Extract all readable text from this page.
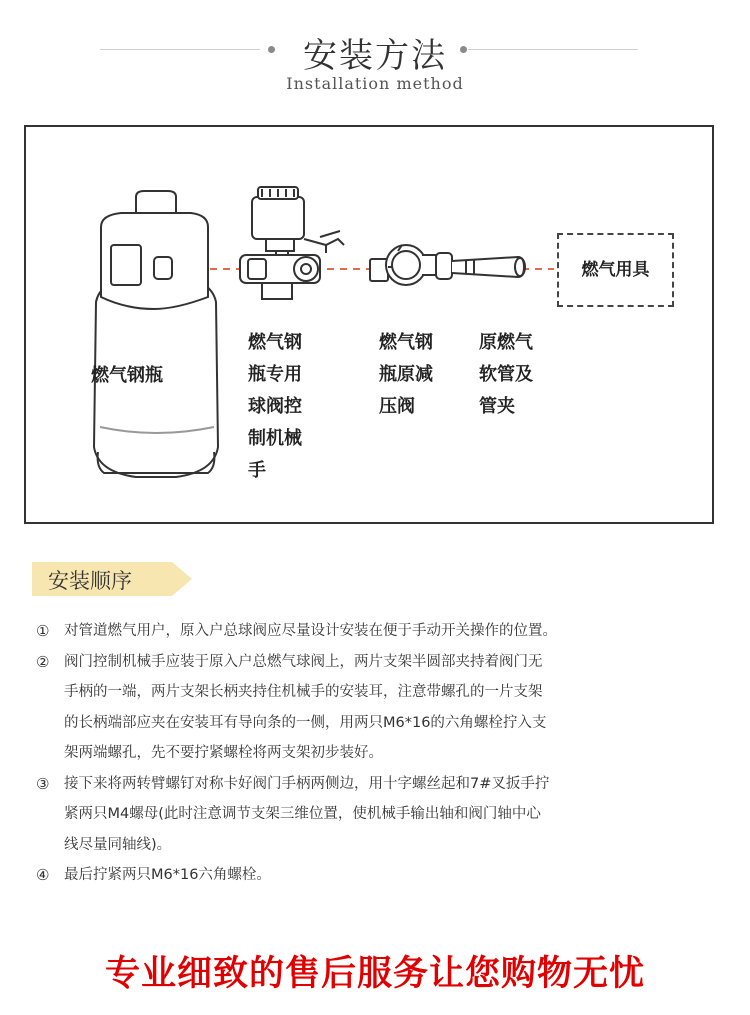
安装方法
Installation method
燃气钢瓶
燃气钢
瓶专用
球阀控
制机械
手
燃气钢
瓶原减
压阀
原燃气
软管及
管夹
燃气用具
安装顺序
① 对管道燃气用户，原入户总球阀应尽量设计安装在便于手动开关操作的位置。
② 阀门控制机械手应装于原入户总燃气球阀上，两片支架半圆部夹持着阀门无
手柄的一端，两片支架长柄夹持住机械手的安装耳，注意带螺孔的一片支架
的长柄端部应夹在安装耳有导向条的一侧，用两只M6*16的六角螺栓拧入支
架两端螺孔，先不要拧紧螺栓将两支架初步装好。
③ 接下来将两转臂螺钉对称卡好阀门手柄两侧边，用十字螺丝起和7#叉扳手拧
紧两只M4螺母(此时注意调节支架三维位置，使机械手输出轴和阀门轴中心
线尽量同轴线)。
④ 最后拧紧两只M6*16六角螺栓。
专业细致的售后服务让您购物无忧
